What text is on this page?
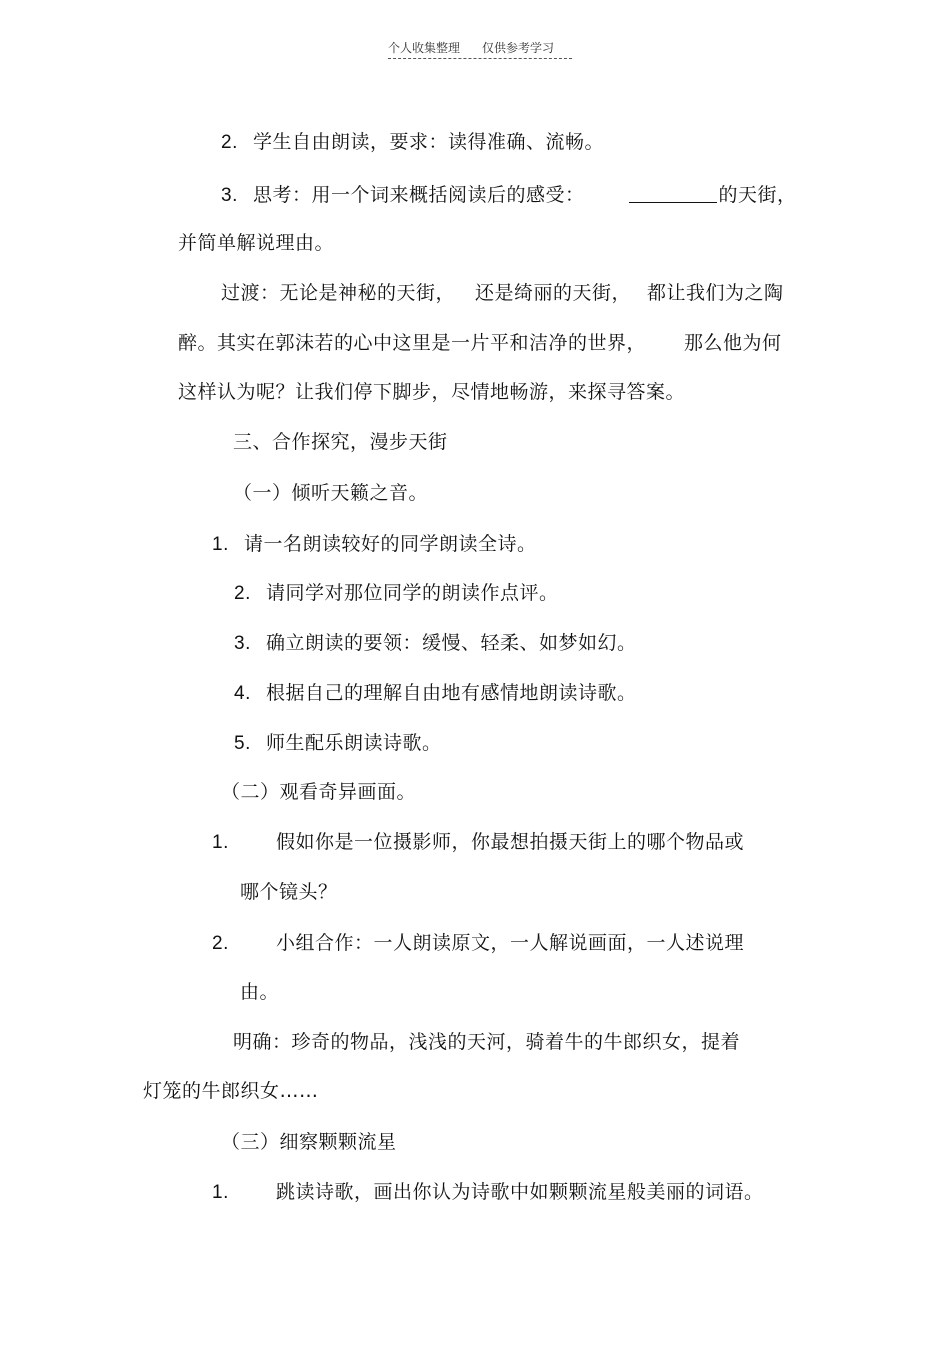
个人收集整理 仅供参考学习
2. 学生自由朗读，要求：读得准确、流畅。
3. 思考：用一个词来概括阅读后的感受：	的天街，
并简单解说理由。
过渡：无论是神秘的天街， 还是绮丽的天街， 都让我们为之陶
醉。其实在郭沫若的心中这里是一片平和洁净的世界， 那么他为何
这样认为呢？让我们停下脚步，尽情地畅游，来探寻答案。
三、合作探究，漫步天街
（一）倾听天籁之音。
1. 请一名朗读较好的同学朗读全诗。
2. 请同学对那位同学的朗读作点评。
3. 确立朗读的要领：缓慢、轻柔、如梦如幻。
4. 根据自己的理解自由地有感情地朗读诗歌。
5. 师生配乐朗读诗歌。
（二）观看奇异画面。
1. 假如你是一位摄影师，你最想拍摄天街上的哪个物品或
哪个镜头？
2. 小组合作：一人朗读原文，一人解说画面，一人述说理
由。
明确：珍奇的物品，浅浅的天河，骑着牛的牛郎织女，提着
灯笼的牛郎织女……
（三）细察颗颗流星
1. 跳读诗歌，画出你认为诗歌中如颗颗流星般美丽的词语。
